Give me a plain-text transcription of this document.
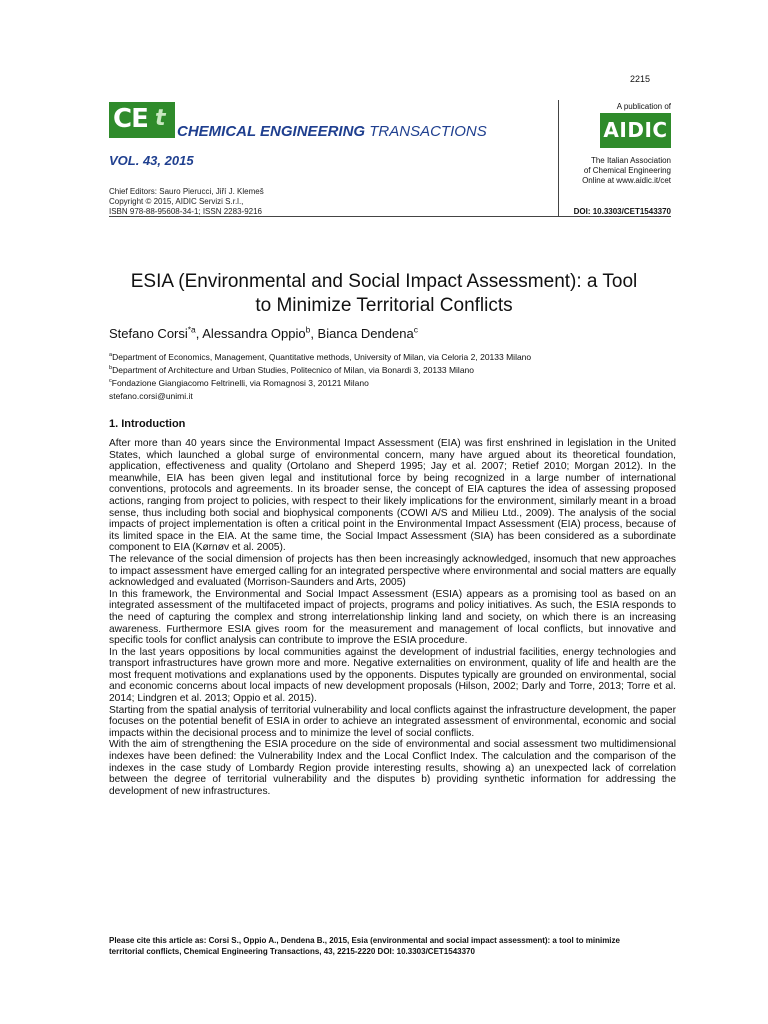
2215
CE t
CHEMICAL ENGINEERING TRANSACTIONS
VOL. 43, 2015
Chief Editors: Sauro Pierucci, Jiří J. Klemeš
Copyright © 2015, AIDIC Servizi S.r.l.,
ISBN 978-88-95608-34-1; ISSN 2283-9216
A publication of
AIDIC
The Italian Association
of Chemical Engineering
Online at www.aidic.it/cet
DOI: 10.3303/CET1543370
ESIA (Environmental and Social Impact Assessment): a Tool
to Minimize Territorial Conflicts
Stefano Corsi$^{*a}$, Alessandra Oppio$^b$, Bianca Dendena$^c$
$^a$Department of Economics, Management, Quantitative methods, University of Milan, via Celoria 2, 20133 Milano
$^b$Department of Architecture and Urban Studies, Politecnico of Milan, via Bonardi 3, 20133 Milano
$^c$Fondazione Giangiacomo Feltrinelli, via Romagnosi 3, 20121 Milano
stefano.corsi@unimi.it
1. Introduction

After more than 40 years since the Environmental Impact Assessment (EIA) was first enshrined in legislation in the United States, which launched a global surge of environmental concern, many have argued about its theoretical foundation, application, effectiveness and quality (Ortolano and Sheperd 1995; Jay et al. 2007; Retief 2010; Morgan 2012). In the meanwhile, EIA has been given legal and institutional force by being recognized in a large number of international conventions, protocols and agreements. In its broader sense, the concept of EIA captures the idea of assessing proposed actions, ranging from project to policies, with respect to their likely implications for the environment, similarly meant in a broad sense, thus including both social and biophysical components (COWI A/S and Milieu Ltd., 2009). The analysis of the social impacts of project implementation is often a critical point in the Environmental Impact Assessment (EIA) process, because of its limited space in the EIA. At the same time, the Social Impact Assessment (SIA) has been considered as a subordinate component to EIA (Kørnøv et al. 2005).

The relevance of the social dimension of projects has then been increasingly acknowledged, insomuch that new approaches to impact assessment have emerged calling for an integrated perspective where environmental and social matters are equally acknowledged and evaluated (Morrison-Saunders and Arts, 2005)

In this framework, the Environmental and Social Impact Assessment (ESIA) appears as a promising tool as based on an integrated assessment of the multifaceted impact of projects, programs and policy initiatives. As such, the ESIA responds to the need of capturing the complex and strong interrelationship linking land and society, on which there is an increasing awareness. Furthermore ESIA gives room for the measurement and management of local conflicts, but innovative and specific tools for conflict analysis can contribute to improve the ESIA procedure.

In the last years oppositions by local communities against the development of industrial facilities, energy technologies and transport infrastructures have grown more and more. Negative externalities on environment, quality of life and health are the most frequent motivations and explanations used by the opponents. Disputes typically are grounded on environmental, social and economic concerns about local impacts of new development proposals (Hilson, 2002; Darly and Torre, 2013; Torre et al. 2014; Lindgren et al. 2013; Oppio et al. 2015).

Starting from the spatial analysis of territorial vulnerability and local conflicts against the infrastructure development, the paper focuses on the potential benefit of ESIA in order to achieve an integrated assessment of environmental, economic and social impacts within the decisional process and to minimize the level of social conflicts.

With the aim of strengthening the ESIA procedure on the side of environmental and social assessment two multidimensional indexes have been defined: the Vulnerability Index and the Local Conflict Index. The calculation and the comparison of the indexes in the case study of Lombardy Region provide interesting results, showing a) an unexpected lack of correlation between the degree of territorial vulnerability and the disputes b) providing synthetic information for addressing the development of new infrastructures.

Please cite this article as: Corsi S., Oppio A., Dendena B., 2015, Esia (environmental and social impact assessment): a tool to minimize
territorial conflicts, Chemical Engineering Transactions, 43, 2215-2220 DOI: 10.3303/CET1543370
